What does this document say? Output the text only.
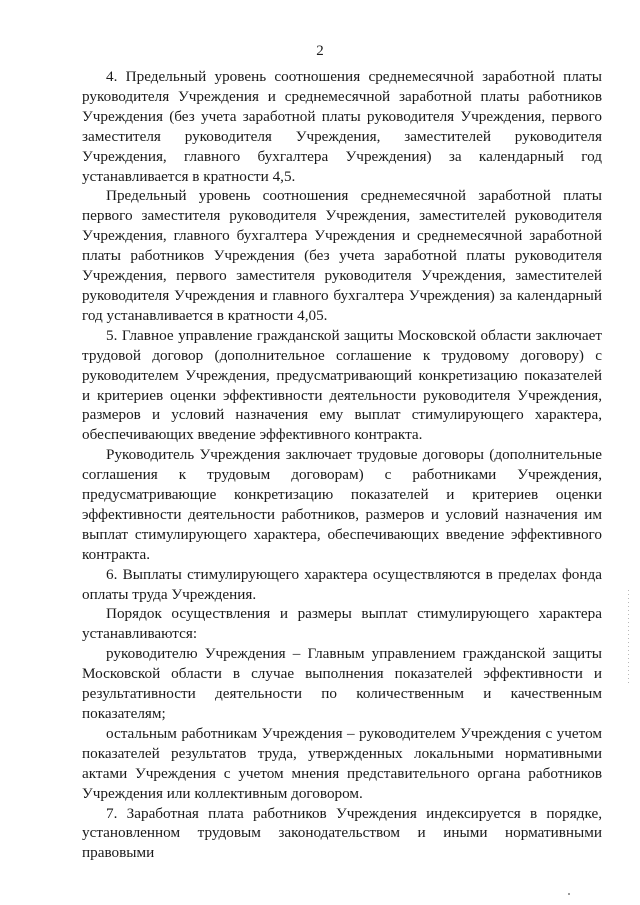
2

4. Предельный уровень соотношения среднемесячной заработной платы руководителя Учреждения и среднемесячной заработной платы работников Учреждения (без учета заработной платы руководителя Учреждения, первого заместителя руководителя Учреждения, заместителей руководителя Учреждения, главного бухгалтера Учреждения) за календарный год устанавливается в кратности 4,5.

Предельный уровень соотношения среднемесячной заработной платы первого заместителя руководителя Учреждения, заместителей руководителя Учреждения, главного бухгалтера Учреждения и среднемесячной заработной платы работников Учреждения (без учета заработной платы руководителя Учреждения, первого заместителя руководителя Учреждения, заместителей руководителя Учреждения и главного бухгалтера Учреждения) за календарный год устанавливается в кратности 4,05.

5. Главное управление гражданской защиты Московской области заключает трудовой договор (дополнительное соглашение к трудовому договору) с руководителем Учреждения, предусматривающий конкретизацию показателей и критериев оценки эффективности деятельности руководителя Учреждения, размеров и условий назначения ему выплат стимулирующего характера, обеспечивающих введение эффективного контракта.

Руководитель Учреждения заключает трудовые договоры (дополнительные соглашения к трудовым договорам) с работниками Учреждения, предусматривающие конкретизацию показателей и критериев оценки эффективности деятельности работников, размеров и условий назначения им выплат стимулирующего характера, обеспечивающих введение эффективного контракта.

6. Выплаты стимулирующего характера осуществляются в пределах фонда оплаты труда Учреждения.

Порядок осуществления и размеры выплат стимулирующего характера устанавливаются:

руководителю Учреждения – Главным управлением гражданской защиты Московской области в случае выполнения показателей эффективности и результативности деятельности по количественным и качественным показателям;

остальным работникам Учреждения – руководителем Учреждения с учетом показателей результатов труда, утвержденных локальными нормативными актами Учреждения с учетом мнения представительного органа работников Учреждения или коллективным договором.

7. Заработная плата работников Учреждения индексируется в порядке, установленном трудовым законодательством и иными нормативными правовыми
